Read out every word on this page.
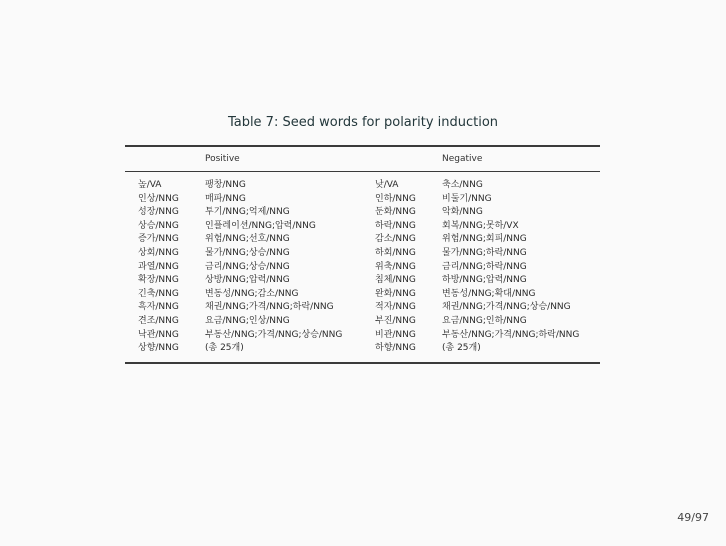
Table 7: Seed words for polarity induction
Positive	Negative
높/VA
인상/NNG
성장/NNG
상승/NNG
증가/NNG
상회/NNG
과열/NNG
확장/NNG
긴축/NNG
흑자/NNG
견조/NNG
낙관/NNG
상향/NNG
팽창/NNG
매파/NNG
투기/NNG;억제/NNG
인플레이션/NNG;압력/NNG
위험/NNG;선호/NNG
물가/NNG;상승/NNG
금리/NNG;상승/NNG
상방/NNG;압력/NNG
변동성/NNG;감소/NNG
채권/NNG;가격/NNG;하락/NNG
요금/NNG;인상/NNG
부동산/NNG;가격/NNG;상승/NNG
(총 25개)
낮/VA
인하/NNG
둔화/NNG
하락/NNG
감소/NNG
하회/NNG
위축/NNG
침체/NNG
완화/NNG
적자/NNG
부진/NNG
비관/NNG
하향/NNG
축소/NNG
비둘기/NNG
악화/NNG
회복/NNG;못하/VX
위험/NNG;회피/NNG
물가/NNG;하락/NNG
금리/NNG;하락/NNG
하방/NNG;압력/NNG
변동성/NNG;확대/NNG
채권/NNG;가격/NNG;상승/NNG
요금/NNG;인하/NNG
부동산/NNG;가격/NNG;하락/NNG
(총 25개)
49/97
